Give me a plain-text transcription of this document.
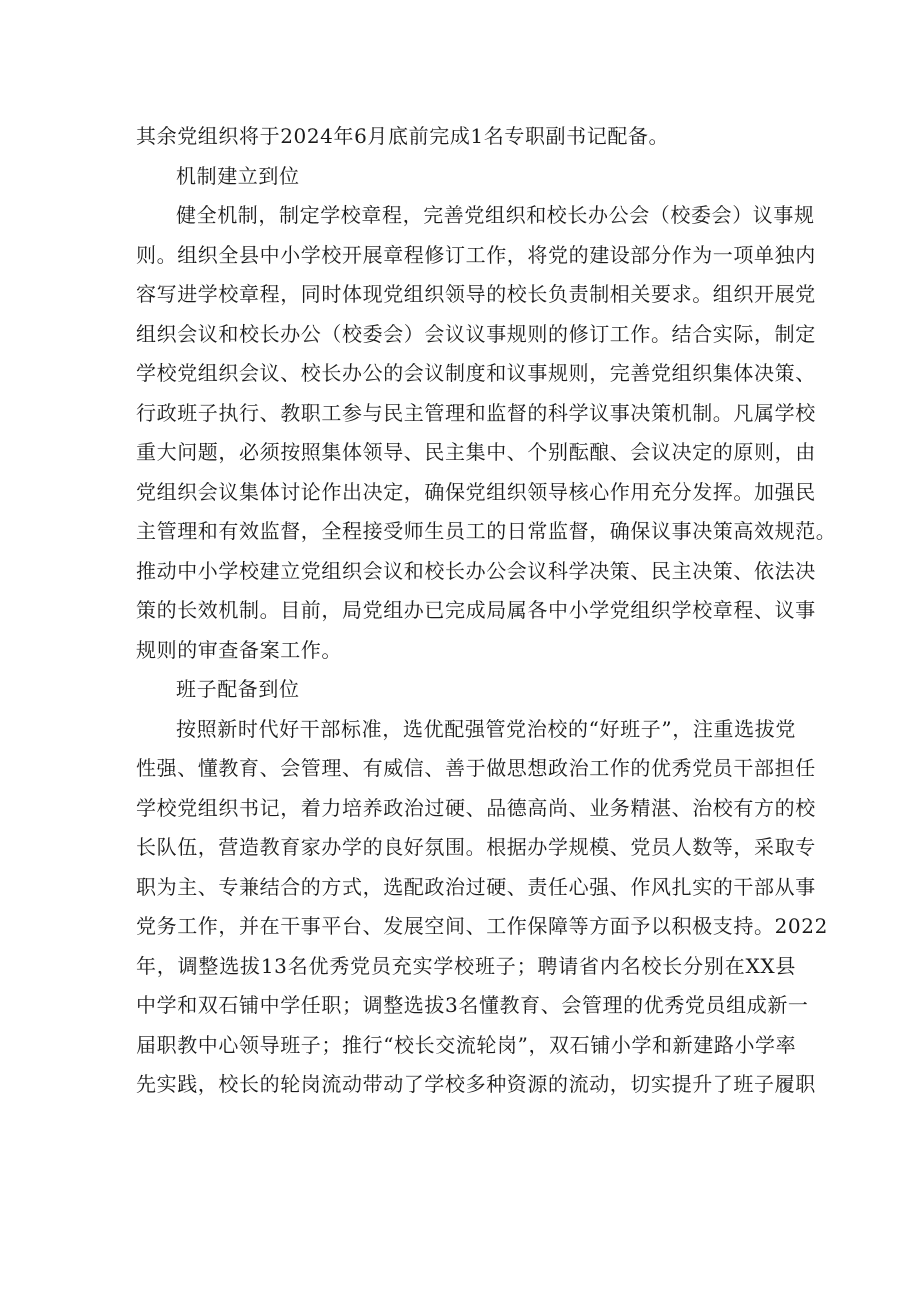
其余党组织将于2024年6月底前完成1名专职副书记配备。
机制建立到位
健全机制，制定学校章程，完善党组织和校长办公会（校委会）议事规
则。组织全县中小学校开展章程修订工作，将党的建设部分作为一项单独内
容写进学校章程，同时体现党组织领导的校长负责制相关要求。组织开展党
组织会议和校长办公（校委会）会议议事规则的修订工作。结合实际，制定
学校党组织会议、校长办公的会议制度和议事规则，完善党组织集体决策、
行政班子执行、教职工参与民主管理和监督的科学议事决策机制。凡属学校
重大问题，必须按照集体领导、民主集中、个别酝酿、会议决定的原则，由
党组织会议集体讨论作出决定，确保党组织领导核心作用充分发挥。加强民
主管理和有效监督，全程接受师生员工的日常监督，确保议事决策高效规范。
推动中小学校建立党组织会议和校长办公会议科学决策、民主决策、依法决
策的长效机制。目前，局党组办已完成局属各中小学党组织学校章程、议事
规则的审查备案工作。
班子配备到位
按照新时代好干部标准，选优配强管党治校的“好班子”，注重选拔党
性强、懂教育、会管理、有威信、善于做思想政治工作的优秀党员干部担任
学校党组织书记，着力培养政治过硬、品德高尚、业务精湛、治校有方的校
长队伍，营造教育家办学的良好氛围。根据办学规模、党员人数等，采取专
职为主、专兼结合的方式，选配政治过硬、责任心强、作风扎实的干部从事
党务工作，并在干事平台、发展空间、工作保障等方面予以积极支持。2022
年，调整选拔13名优秀党员充实学校班子；聘请省内名校长分别在XX县
中学和双石铺中学任职；调整选拔3名懂教育、会管理的优秀党员组成新一
届职教中心领导班子；推行“校长交流轮岗”，双石铺小学和新建路小学率
先实践，校长的轮岗流动带动了学校多种资源的流动，切实提升了班子履职
